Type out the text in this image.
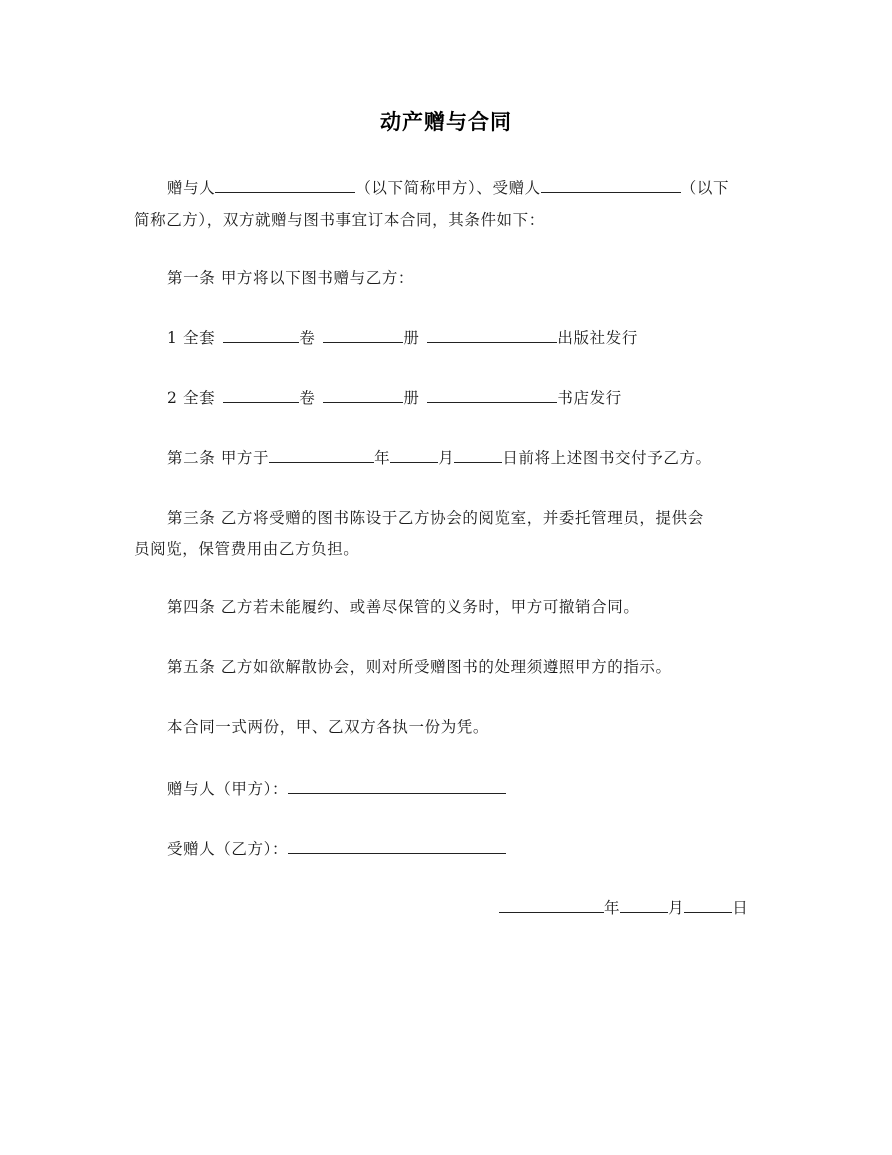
动产赠与合同
赠与人	（以下简称甲方）、受赠人	（以下
简称乙方），双方就赠与图书事宜订本合同，其条件如下：
第一条 甲方将以下图书赠与乙方：
1 全套	卷	册	出版社发行
2 全套	卷	册	书店发行
第二条 甲方于	年	月	日前将上述图书交付予乙方。
第三条 乙方将受赠的图书陈设于乙方协会的阅览室，并委托管理员，提供会
员阅览，保管费用由乙方负担。
第四条 乙方若未能履约、或善尽保管的义务时，甲方可撤销合同。
第五条 乙方如欲解散协会，则对所受赠图书的处理须遵照甲方的指示。
本合同一式两份，甲、乙双方各执一份为凭。
赠与人（甲方）：
受赠人（乙方）：
年	月	日
